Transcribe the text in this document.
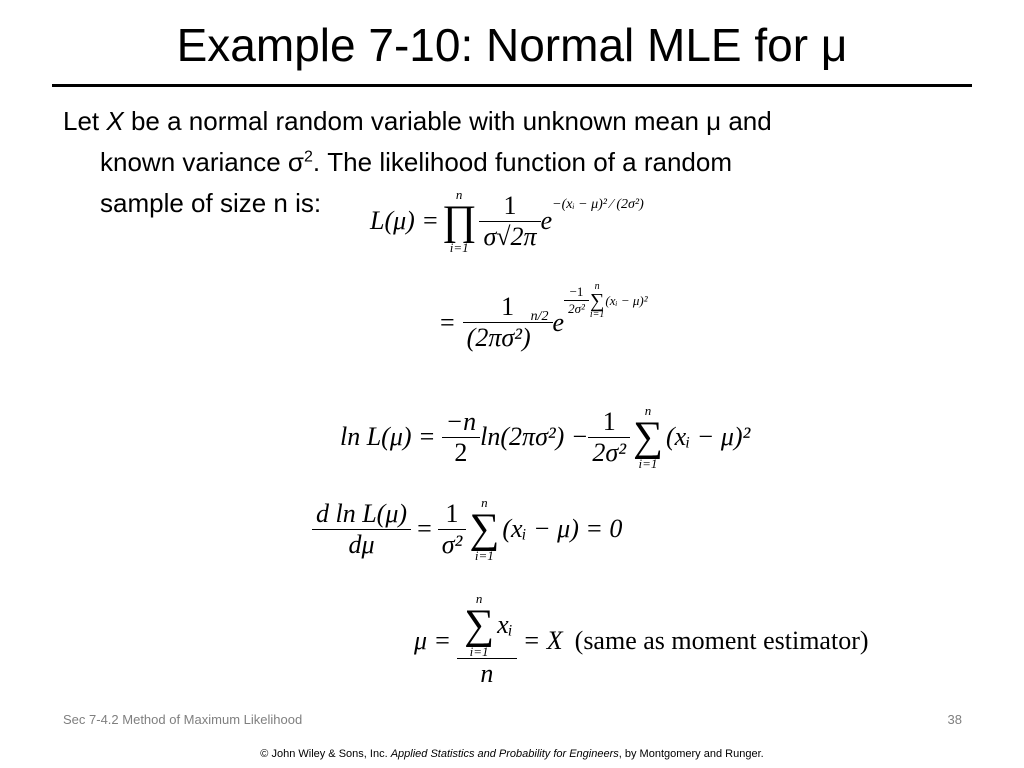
Example 7-10: Normal MLE for μ
Let X be a normal random variable with unknown mean μ and
known variance $\sigma^2$. The likelihood function of a random
sample of size n is:
L(μ) =
n
∏
$i=1 \frac{1}{\sigma√2\pi}$ e
−(xᵢ − μ)² ⁄ (2σ²)
= $\frac{1}{\text{(2πσ²)n/2}}$ e
$\frac{-1}{\text{2σ²}}$ n
∑
i=1
(xᵢ − μ)²
$\ln L(\mu) = \frac{-n}{2} \ln(2\pi\sigma^2) - \frac{1}{\text{2σ²}}$ n
∑
i=1
(xᵢ − μ)²
$\frac{\text{d ln L(μ)}}{d\mu} = \frac{1}{\text{σ²}}$ n
∑
i=1
(xᵢ − μ) = 0
μ = n
∑
i=1
xᵢ
n = X (same as moment estimator)
Sec 7-4.2 Method of Maximum Likelihood	38
© John Wiley & Sons, Inc. Applied Statistics and Probability for Engineers, by Montgomery and Runger.
